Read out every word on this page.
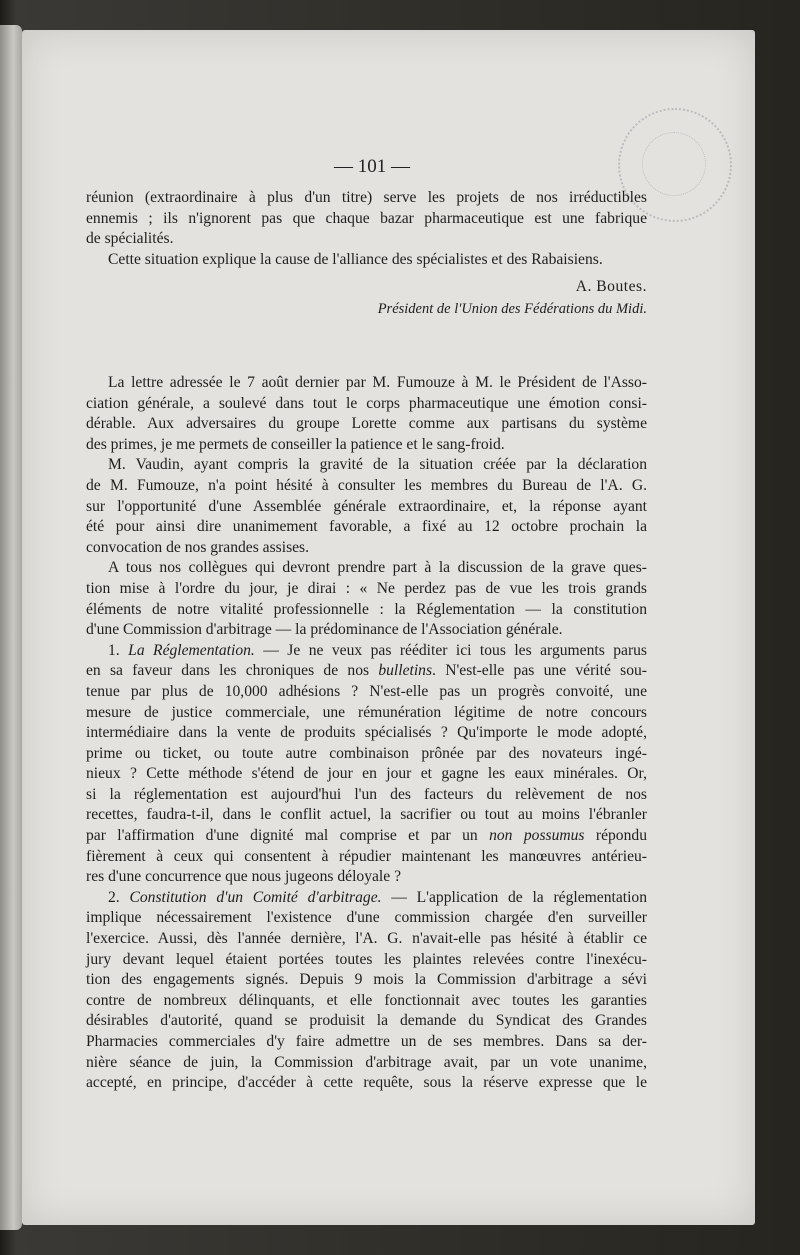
— 101 —
réunion (extraordinaire à plus d'un titre) serve les projets de nos irréductibles
ennemis ; ils n'ignorent pas que chaque bazar pharmaceutique est une fabrique
de spécialités.
Cette situation explique la cause de l'alliance des spécialistes et des Rabaisiens.
A. Boutes.
Président de l'Union des Fédérations du Midi.
La lettre adressée le 7 août dernier par M. Fumouze à M. le Président de l'Asso-
ciation générale, a soulevé dans tout le corps pharmaceutique une émotion consi-
dérable. Aux adversaires du groupe Lorette comme aux partisans du système
des primes, je me permets de conseiller la patience et le sang-froid.
M. Vaudin, ayant compris la gravité de la situation créée par la déclaration
de M. Fumouze, n'a point hésité à consulter les membres du Bureau de l'A. G.
sur l'opportunité d'une Assemblée générale extraordinaire, et, la réponse ayant
été pour ainsi dire unanimement favorable, a fixé au 12 octobre prochain la
convocation de nos grandes assises.
A tous nos collègues qui devront prendre part à la discussion de la grave ques-
tion mise à l'ordre du jour, je dirai : « Ne perdez pas de vue les trois grands
éléments de notre vitalité professionnelle : la Réglementation — la constitution
d'une Commission d'arbitrage — la prédominance de l'Association générale.
1. La Réglementation. — Je ne veux pas rééditer ici tous les arguments parus
en sa faveur dans les chroniques de nos bulletins. N'est-elle pas une vérité sou-
tenue par plus de 10,000 adhésions ? N'est-elle pas un progrès convoité, une
mesure de justice commerciale, une rémunération légitime de notre concours
intermédiaire dans la vente de produits spécialisés ? Qu'importe le mode adopté,
prime ou ticket, ou toute autre combinaison prônée par des novateurs ingé-
nieux ? Cette méthode s'étend de jour en jour et gagne les eaux minérales. Or,
si la réglementation est aujourd'hui l'un des facteurs du relèvement de nos
recettes, faudra-t-il, dans le conflit actuel, la sacrifier ou tout au moins l'ébranler
par l'affirmation d'une dignité mal comprise et par un non possumus répondu
fièrement à ceux qui consentent à répudier maintenant les manœuvres antérieu-
res d'une concurrence que nous jugeons déloyale ?
2. Constitution d'un Comité d'arbitrage. — L'application de la réglementation
implique nécessairement l'existence d'une commission chargée d'en surveiller
l'exercice. Aussi, dès l'année dernière, l'A. G. n'avait-elle pas hésité à établir ce
jury devant lequel étaient portées toutes les plaintes relevées contre l'inexécu-
tion des engagements signés. Depuis 9 mois la Commission d'arbitrage a sévi
contre de nombreux délinquants, et elle fonctionnait avec toutes les garanties
désirables d'autorité, quand se produisit la demande du Syndicat des Grandes
Pharmacies commerciales d'y faire admettre un de ses membres. Dans sa der-
nière séance de juin, la Commission d'arbitrage avait, par un vote unanime,
accepté, en principe, d'accéder à cette requête, sous la réserve expresse que le
